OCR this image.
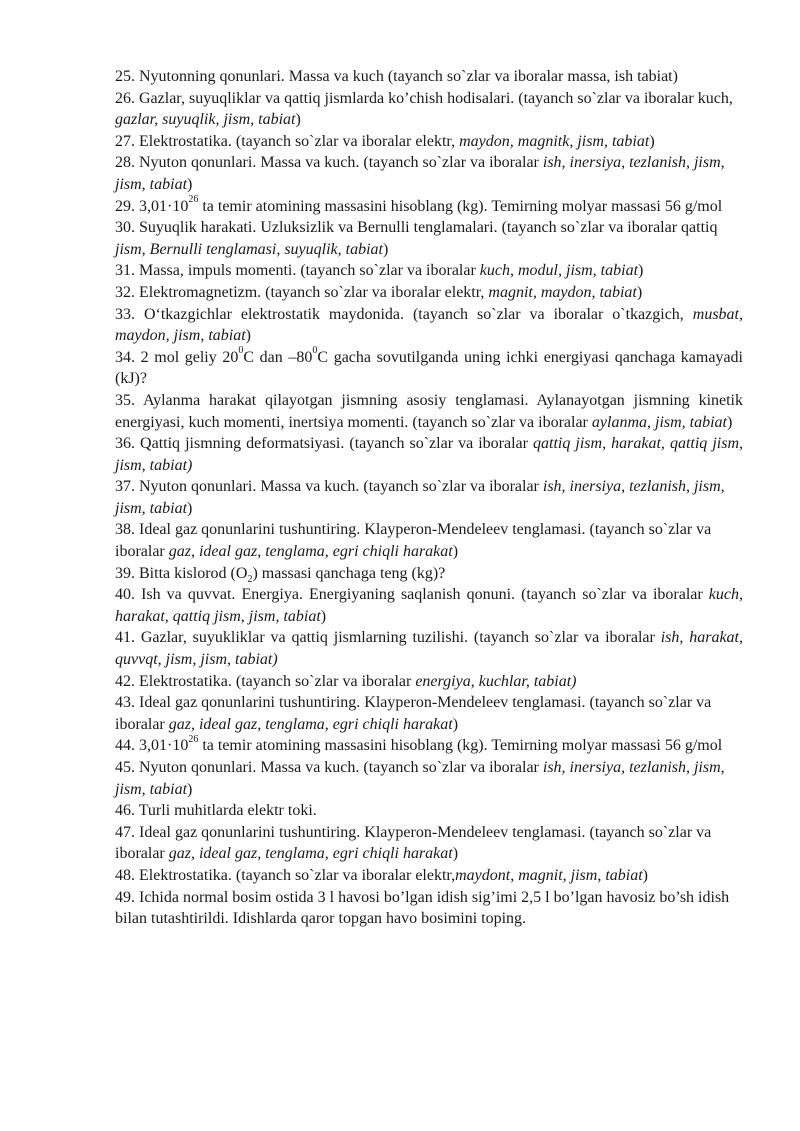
25. Nyutonning qonunlari. Massa va kuch (tayanch so`zlar va iboralar massa, ish tabiat)

26. Gazlar, suyuqliklar va qattiq jismlarda ko’chish hodisalari. (tayanch so`zlar va iboralar kuch, gazlar, suyuqlik, jism, tabiat)

27. Elektrostatika. (tayanch so`zlar va iboralar elektr, maydon, magnitk, jism, tabiat)

28. Nyuton qonunlari. Massa va kuch. (tayanch so`zlar va iboralar ish, inersiya, tezlanish, jism, jism, tabiat)

29. $3,01\cdot 10^{26}$ ta temir atomining massasini hisoblang (kg). Temirning molyar massasi 56 g/mol

30. Suyuqlik harakati. Uzluksizlik va Bernulli tenglamalari. (tayanch so`zlar va iboralar qattiq jism, Bernulli tenglamasi, suyuqlik, tabiat)

31. Massa, impuls momenti. (tayanch so`zlar va iboralar kuch, modul, jism, tabiat)

32. Elektromagnetizm. (tayanch so`zlar va iboralar elektr, magnit, maydon, tabiat)

33. O‘tkazgichlar elektrostatik maydonida. (tayanch so`zlar va iboralar o`tkazgich, musbat, maydon, jism, tabiat)

34. 2 mol geliy $20^0C$ dan $-80^0C$ gacha sovutilganda uning ichki energiyasi qanchaga kamayadi (kJ)?

35. Aylanma harakat qilayotgan jismning asosiy tenglamasi. Aylanayotgan jismning kinetik energiyasi, kuch momenti, inertsiya momenti. (tayanch so`zlar va iboralar aylanma, jism, tabiat)

36. Qattiq jismning deformatsiyasi. (tayanch so`zlar va iboralar qattiq jism, harakat, qattiq jism, jism, tabiat)

37. Nyuton qonunlari. Massa va kuch. (tayanch so`zlar va iboralar ish, inersiya, tezlanish, jism, jism, tabiat)

38. Ideal gaz qonunlarini tushuntiring. Klayperon-Mendeleev tenglamasi. (tayanch so`zlar va iboralar gaz, ideal gaz, tenglama, egri chiqli harakat)

39. Bitta kislorod $(O_2)$ massasi qanchaga teng (kg)?

40. Ish va quvvat. Energiya. Energiyaning saqlanish qonuni. (tayanch so`zlar va iboralar kuch, harakat, qattiq jism, jism, tabiat)

41. Gazlar, suyukliklar va qattiq jismlarning tuzilishi. (tayanch so`zlar va iboralar ish, harakat, quvvqt, jism, jism, tabiat)

42. Elektrostatika. (tayanch so`zlar va iboralar energiya, kuchlar, tabiat)

43. Ideal gaz qonunlarini tushuntiring. Klayperon-Mendeleev tenglamasi. (tayanch so`zlar va iboralar gaz, ideal gaz, tenglama, egri chiqli harakat)

44. $3,01\cdot 10^{26}$ ta temir atomining massasini hisoblang (kg). Temirning molyar massasi 56 g/mol

45. Nyuton qonunlari. Massa va kuch. (tayanch so`zlar va iboralar ish, inersiya, tezlanish, jism, jism, tabiat)

46. Turli muhitlarda elektr toki.

47. Ideal gaz qonunlarini tushuntiring. Klayperon-Mendeleev tenglamasi. (tayanch so`zlar va iboralar gaz, ideal gaz, tenglama, egri chiqli harakat)

48. Elektrostatika. (tayanch so`zlar va iboralar elektr,maydont, magnit, jism, tabiat)

49. Ichida normal bosim ostida 3 l havosi bo’lgan idish sig’imi 2,5 l bo’lgan havosiz bo’sh idish bilan tutashtirildi. Idishlarda qaror topgan havo bosimini toping.
